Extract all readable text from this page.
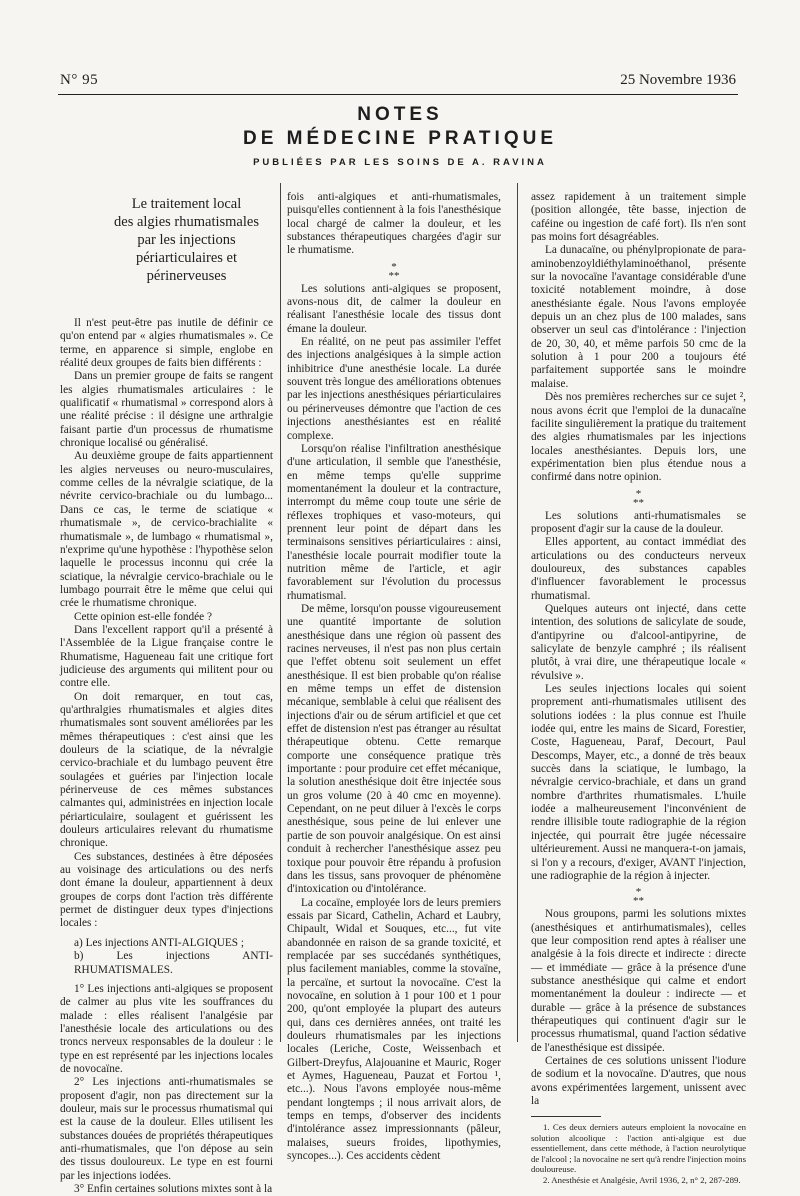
N° 95	25 Novembre 1936
NOTES
DE MÉDECINE PRATIQUE
PUBLIÉES PAR LES SOINS DE A. RAVINA
Le traitement local
des algies rhumatismales
par les injections
périarticulaires et périnerveuses

Il n'est peut-être pas inutile de définir ce qu'on entend par « algies rhumatismales ». Ce terme, en apparence si simple, englobe en réalité deux groupes de faits bien différents :

Dans un premier groupe de faits se rangent les algies rhumatismales articulaires : le qualificatif « rhumatismal » correspond alors à une réalité précise : il désigne une arthralgie faisant partie d'un processus de rhumatisme chronique localisé ou généralisé.

Au deuxième groupe de faits appartiennent les algies nerveuses ou neuro-musculaires, comme celles de la névralgie sciatique, de la névrite cervico-brachiale ou du lumbago... Dans ce cas, le terme de sciatique « rhumatismale », de cervico-brachialite « rhumatismale », de lumbago « rhumatismal », n'exprime qu'une hypothèse : l'hypothèse selon laquelle le processus inconnu qui crée la sciatique, la névralgie cervico-brachiale ou le lumbago pourrait être le même que celui qui crée le rhumatisme chronique.

Cette opinion est-elle fondée ?

Dans l'excellent rapport qu'il a présenté à l'Assemblée de la Ligue française contre le Rhumatisme, Hagueneau fait une critique fort judicieuse des arguments qui militent pour ou contre elle.

On doit remarquer, en tout cas, qu'arthralgies rhumatismales et algies dites rhumatismales sont souvent améliorées par les mêmes thérapeutiques : c'est ainsi que les douleurs de la sciatique, de la névralgie cervico-brachiale et du lumbago peuvent être soulagées et guéries par l'injection locale périnerveuse de ces mêmes substances calmantes qui, administrées en injection locale périarticulaire, soulagent et guérissent les douleurs articulaires relevant du rhumatisme chronique.

Ces substances, destinées à être déposées au voisinage des articulations ou des nerfs dont émane la douleur, appartiennent à deux groupes de corps dont l'action très différente permet de distinguer deux types d'injections locales :

a) Les injections ANTI-ALGIQUES ;

b) Les injections ANTI-RHUMATISMALES.

1° Les injections anti-algiques se proposent de calmer au plus vite les souffrances du malade : elles réalisent l'analgésie par l'anesthésie locale des articulations ou des troncs nerveux responsables de la douleur : le type en est représenté par les injections locales de novocaïne.

2° Les injections anti-rhumatismales se proposent d'agir, non pas directement sur la douleur, mais sur le processus rhumatismal qui est la cause de la douleur. Elles utilisent les substances douées de propriétés thérapeutiques anti-rhumatismales, que l'on dépose au sein des tissus douloureux. Le type en est fourni par les injections iodées.

3° Enfin certaines solutions mixtes sont à la

fois anti-algiques et anti-rhumatismales, puisqu'elles contiennent à la fois l'anesthésique local chargé de calmer la douleur, et les substances thérapeutiques chargées d'agir sur le rhumatisme.

*
**

Les solutions anti-algiques se proposent, avons-nous dit, de calmer la douleur en réalisant l'anesthésie locale des tissus dont émane la douleur.

En réalité, on ne peut pas assimiler l'effet des injections analgésiques à la simple action inhibitrice d'une anesthésie locale. La durée souvent très longue des améliorations obtenues par les injections anesthésiques périarticulaires ou périnerveuses démontre que l'action de ces injections anesthésiantes est en réalité complexe.

Lorsqu'on réalise l'infiltration anesthésique d'une articulation, il semble que l'anesthésie, en même temps qu'elle supprime momentanément la douleur et la contracture, interrompt du même coup toute une série de réflexes trophiques et vaso-moteurs, qui prennent leur point de départ dans les terminaisons sensitives périarticulaires : ainsi, l'anesthésie locale pourrait modifier toute la nutrition même de l'article, et agir favorablement sur l'évolution du processus rhumatismal.

De même, lorsqu'on pousse vigoureusement une quantité importante de solution anesthésique dans une région où passent des racines nerveuses, il n'est pas non plus certain que l'effet obtenu soit seulement un effet anesthésique. Il est bien probable qu'on réalise en même temps un effet de distension mécanique, semblable à celui que réalisent des injections d'air ou de sérum artificiel et que cet effet de distension n'est pas étranger au résultat thérapeutique obtenu. Cette remarque comporte une conséquence pratique très importante : pour produire cet effet mécanique, la solution anesthésique doit être injectée sous un gros volume (20 à 40 cmc en moyenne). Cependant, on ne peut diluer à l'excès le corps anesthésique, sous peine de lui enlever une partie de son pouvoir analgésique. On est ainsi conduit à rechercher l'anesthésique assez peu toxique pour pouvoir être répandu à profusion dans les tissus, sans provoquer de phénomène d'intoxication ou d'intolérance.

La cocaïne, employée lors de leurs premiers essais par Sicard, Cathelin, Achard et Laubry, Chipault, Widal et Souques, etc..., fut vite abandonnée en raison de sa grande toxicité, et remplacée par ses succédanés synthétiques, plus facilement maniables, comme la stovaïne, la percaïne, et surtout la novocaïne. C'est la novocaïne, en solution à 1 pour 100 et 1 pour 200, qu'ont employée la plupart des auteurs qui, dans ces dernières années, ont traité les douleurs rhumatismales par les injections locales (Leriche, Coste, Weissenbach et Gilbert-Dreyfus, Alajouanine et Mauric, Roger et Aymes, Hagueneau, Pauzat et Fortou ¹, etc...). Nous l'avons employée nous-même pendant longtemps ; il nous arrivait alors, de temps en temps, d'observer des incidents d'intolérance assez impressionnants (pâleur, malaises, sueurs froides, lipothymies, syncopes...). Ces accidents cèdent

assez rapidement à un traitement simple (position allongée, tête basse, injection de caféine ou ingestion de café fort). Ils n'en sont pas moins fort désagréables.

La dunacaïne, ou phénylpropionate de para-aminobenzoyldiéthylaminoéthanol, présente sur la novocaïne l'avantage considérable d'une toxicité notablement moindre, à dose anesthésiante égale. Nous l'avons employée depuis un an chez plus de 100 malades, sans observer un seul cas d'intolérance : l'injection de 20, 30, 40, et même parfois 50 cmc de la solution à 1 pour 200 a toujours été parfaitement supportée sans le moindre malaise.

Dès nos premières recherches sur ce sujet ², nous avons écrit que l'emploi de la dunacaïne facilite singulièrement la pratique du traitement des algies rhumatismales par les injections locales anesthésiantes. Depuis lors, une expérimentation bien plus étendue nous a confirmé dans notre opinion.

*
**

Les solutions anti-rhumatismales se proposent d'agir sur la cause de la douleur.

Elles apportent, au contact immédiat des articulations ou des conducteurs nerveux douloureux, des substances capables d'influencer favorablement le processus rhumatismal.

Quelques auteurs ont injecté, dans cette intention, des solutions de salicylate de soude, d'antipyrine ou d'alcool-antipyrine, de salicylate de benzyle camphré ; ils réalisent plutôt, à vrai dire, une thérapeutique locale « révulsive ».

Les seules injections locales qui soient proprement anti-rhumatismales utilisent des solutions iodées : la plus connue est l'huile iodée qui, entre les mains de Sicard, Forestier, Coste, Hagueneau, Paraf, Decourt, Paul Descomps, Mayer, etc., a donné de très beaux succès dans la sciatique, le lumbago, la névralgie cervico-brachiale, et dans un grand nombre d'arthrites rhumatismales. L'huile iodée a malheureusement l'inconvénient de rendre illisible toute radiographie de la région injectée, qui pourrait être jugée nécessaire ultérieurement. Aussi ne manquera-t-on jamais, si l'on y a recours, d'exiger, AVANT l'injection, une radiographie de la région à injecter.

*
**

Nous groupons, parmi les solutions mixtes (anesthésiques et antirhumatismales), celles que leur composition rend aptes à réaliser une analgésie à la fois directe et indirecte : directe — et immédiate — grâce à la présence d'une substance anesthésique qui calme et endort momentanément la douleur : indirecte — et durable — grâce à la présence de substances thérapeutiques qui continuent d'agir sur le processus rhumatismal, quand l'action sédative de l'anesthésique est dissipée.

Certaines de ces solutions unissent l'iodure de sodium et la novocaïne. D'autres, que nous avons expérimentées largement, unissent avec la

1. Ces deux derniers auteurs emploient la novocaïne en solution alcoolique : l'action anti-algique est due essentiellement, dans cette méthode, à l'action neurolytique de l'alcool ; la novocaïne ne sert qu'à rendre l'injection moins douloureuse.

2. Anesthésie et Analgésie, Avril 1936, 2, n° 2, 287-289.
